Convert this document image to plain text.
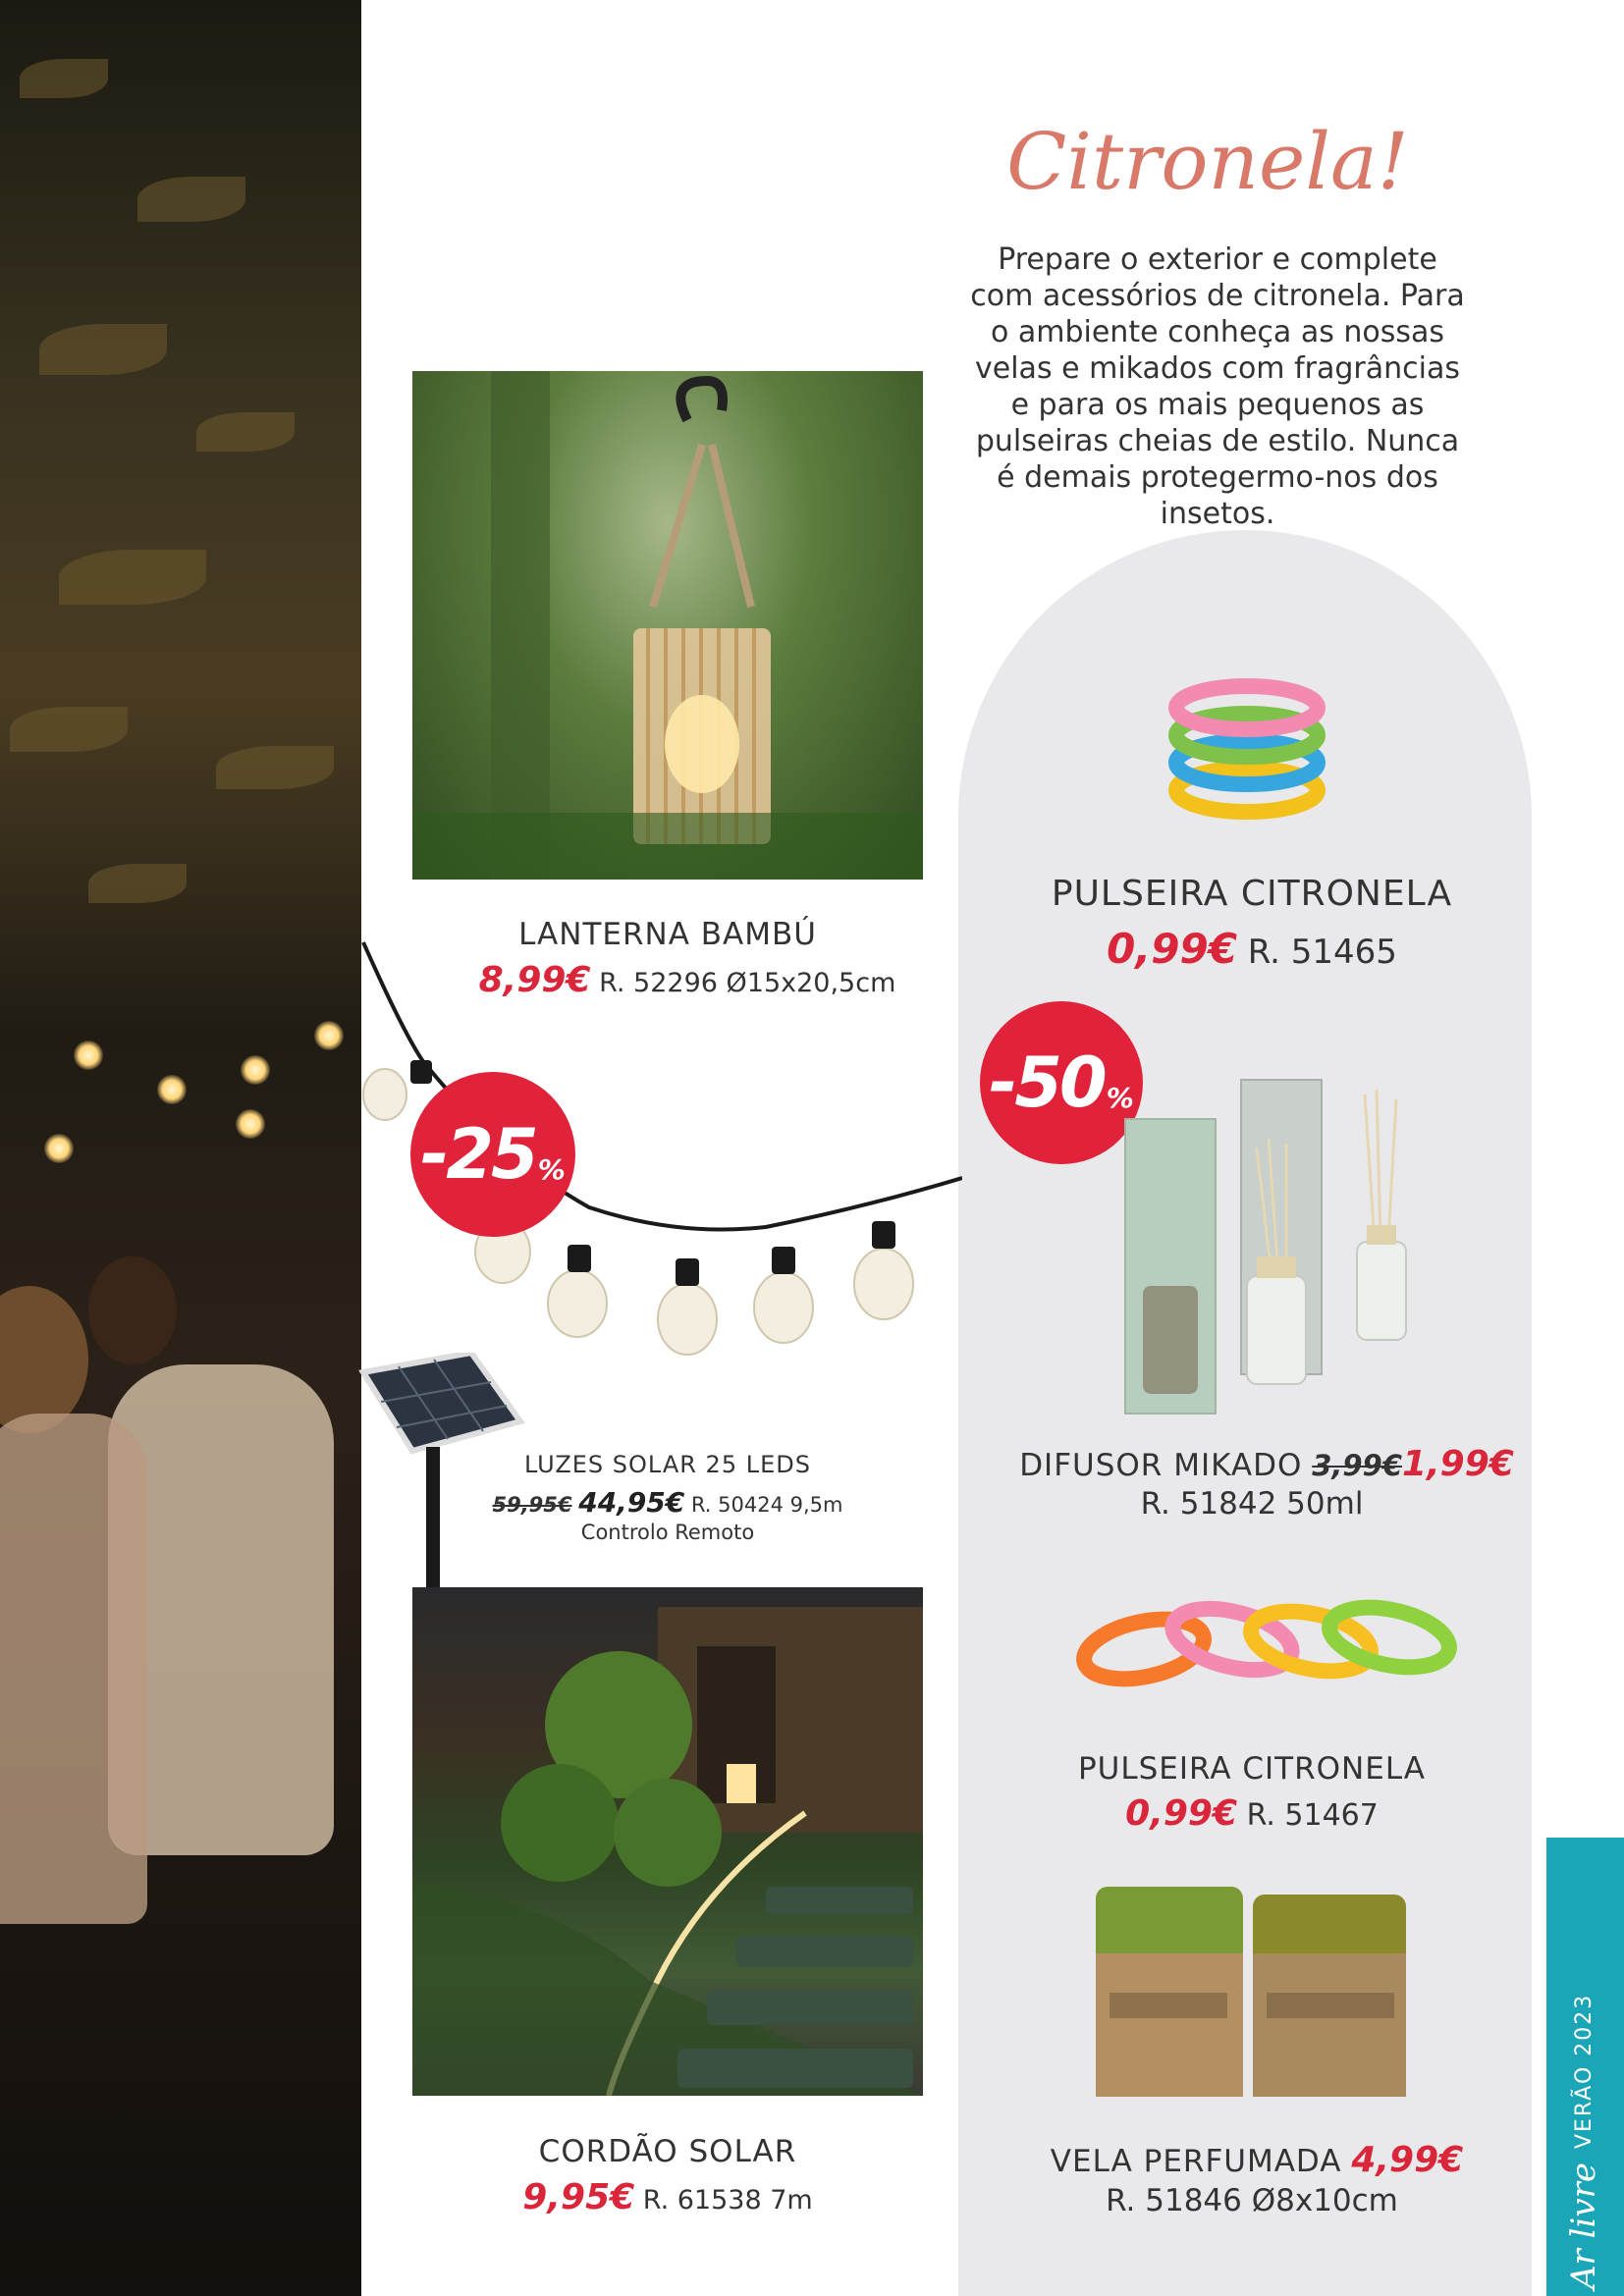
Citronela!
Prepare o exterior e complete com acessórios de citronela. Para o ambiente conheça as nossas velas e mikados com fragrâncias e para os mais pequenos as pulseiras cheias de estilo. Nunca é demais protegermo-nos dos insetos.
LANTERNA BAMBÚ
8,99€ R. 52296 Ø15x20,5cm
-25 %
LUZES SOLAR 25 LEDS
59,95€ 44,95€ R. 50424 9,5m
Controlo Remoto
CORDÃO SOLAR
9,95€ R. 61538 7m
PULSEIRA CITRONELA
0,99€ R. 51465
-50 %
DIFUSOR MIKADO 3,99€1,99€
R. 51842 50ml
PULSEIRA CITRONELA
0,99€ R. 51467
VELA PERFUMADA 4,99€
R. 51846 Ø8x10cm	Ar livre
VERÃO 2023
